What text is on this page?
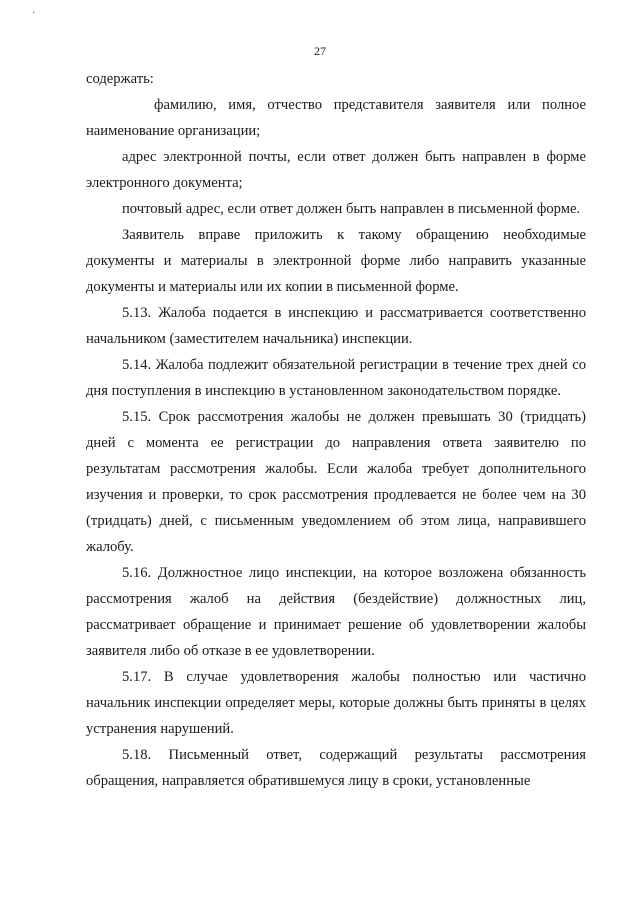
·
27

содержать:

фамилию, имя, отчество представителя заявителя или полное наименование организации;

адрес электронной почты, если ответ должен быть направлен в форме электронного документа;

почтовый адрес, если ответ должен быть направлен в письменной форме.

Заявитель вправе приложить к такому обращению необходимые документы и материалы в электронной форме либо направить указанные документы и материалы или их копии в письменной форме.

5.13. Жалоба подается в инспекцию и рассматривается соответственно начальником (заместителем начальника) инспекции.

5.14. Жалоба подлежит обязательной регистрации в течение трех дней со дня поступления в инспекцию в установленном законодательством порядке.

5.15. Срок рассмотрения жалобы не должен превышать 30 (тридцать) дней с момента ее регистрации до направления ответа заявителю по результатам рассмотрения жалобы. Если жалоба требует дополнительного изучения и проверки, то срок рассмотрения продлевается не более чем на 30 (тридцать) дней, с письменным уведомлением об этом лица, направившего жалобу.

5.16. Должностное лицо инспекции, на которое возложена обязанность рассмотрения жалоб на действия (бездействие) должностных лиц, рассматривает обращение и принимает решение об удовлетворении жалобы заявителя либо об отказе в ее удовлетворении.

5.17. В случае удовлетворения жалобы полностью или частично начальник инспекции определяет меры, которые должны быть приняты в целях устранения нарушений.

5.18. Письменный ответ, содержащий результаты рассмотрения обращения, направляется обратившемуся лицу в сроки, установленные
